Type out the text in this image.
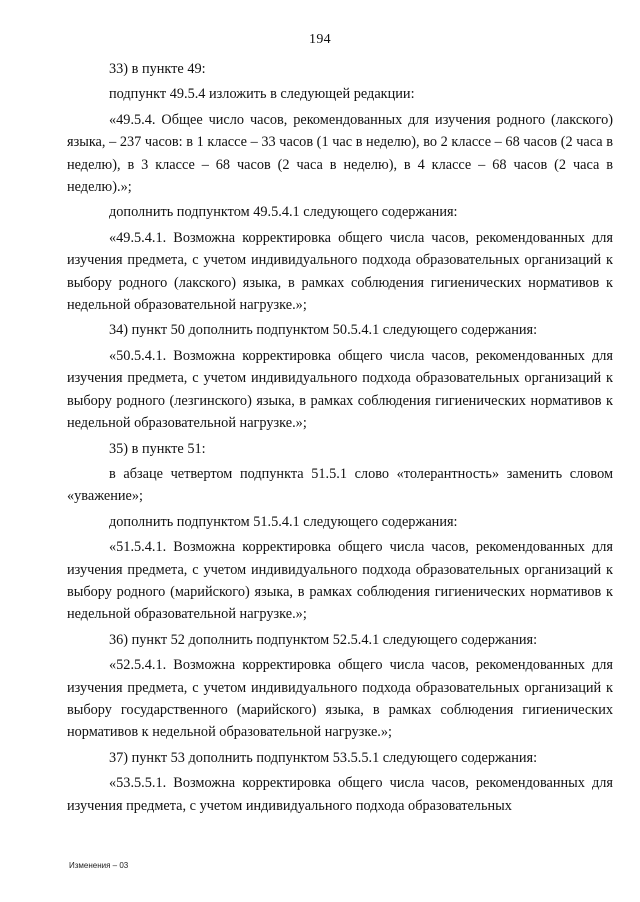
194

33) в пункте 49:

подпункт 49.5.4 изложить в следующей редакции:

«49.5.4. Общее число часов, рекомендованных для изучения родного (лакского) языка, – 237 часов: в 1 классе – 33 часов (1 час в неделю), во 2 классе – 68 часов (2 часа в неделю), в 3 классе – 68 часов (2 часа в неделю), в 4 классе – 68 часов (2 часа в неделю).»;

дополнить подпунктом 49.5.4.1 следующего содержания:

«49.5.4.1. Возможна корректировка общего числа часов, рекомендованных для изучения предмета, с учетом индивидуального подхода образовательных организаций к выбору родного (лакского) языка, в рамках соблюдения гигиенических нормативов к недельной образовательной нагрузке.»;

34) пункт 50 дополнить подпунктом 50.5.4.1 следующего содержания:

«50.5.4.1. Возможна корректировка общего числа часов, рекомендованных для изучения предмета, с учетом индивидуального подхода образовательных организаций к выбору родного (лезгинского) языка, в рамках соблюдения гигиенических нормативов к недельной образовательной нагрузке.»;

35) в пункте 51:

в абзаце четвертом подпункта 51.5.1 слово «толерантность» заменить словом «уважение»;

дополнить подпунктом 51.5.4.1 следующего содержания:

«51.5.4.1. Возможна корректировка общего числа часов, рекомендованных для изучения предмета, с учетом индивидуального подхода образовательных организаций к выбору родного (марийского) языка, в рамках соблюдения гигиенических нормативов к недельной образовательной нагрузке.»;

36) пункт 52 дополнить подпунктом 52.5.4.1 следующего содержания:

«52.5.4.1. Возможна корректировка общего числа часов, рекомендованных для изучения предмета, с учетом индивидуального подхода образовательных организаций к выбору государственного (марийского) языка, в рамках соблюдения гигиенических нормативов к недельной образовательной нагрузке.»;

37) пункт 53 дополнить подпунктом 53.5.5.1 следующего содержания:

«53.5.5.1. Возможна корректировка общего числа часов, рекомендованных для изучения предмета, с учетом индивидуального подхода образовательных

Изменения – 03
